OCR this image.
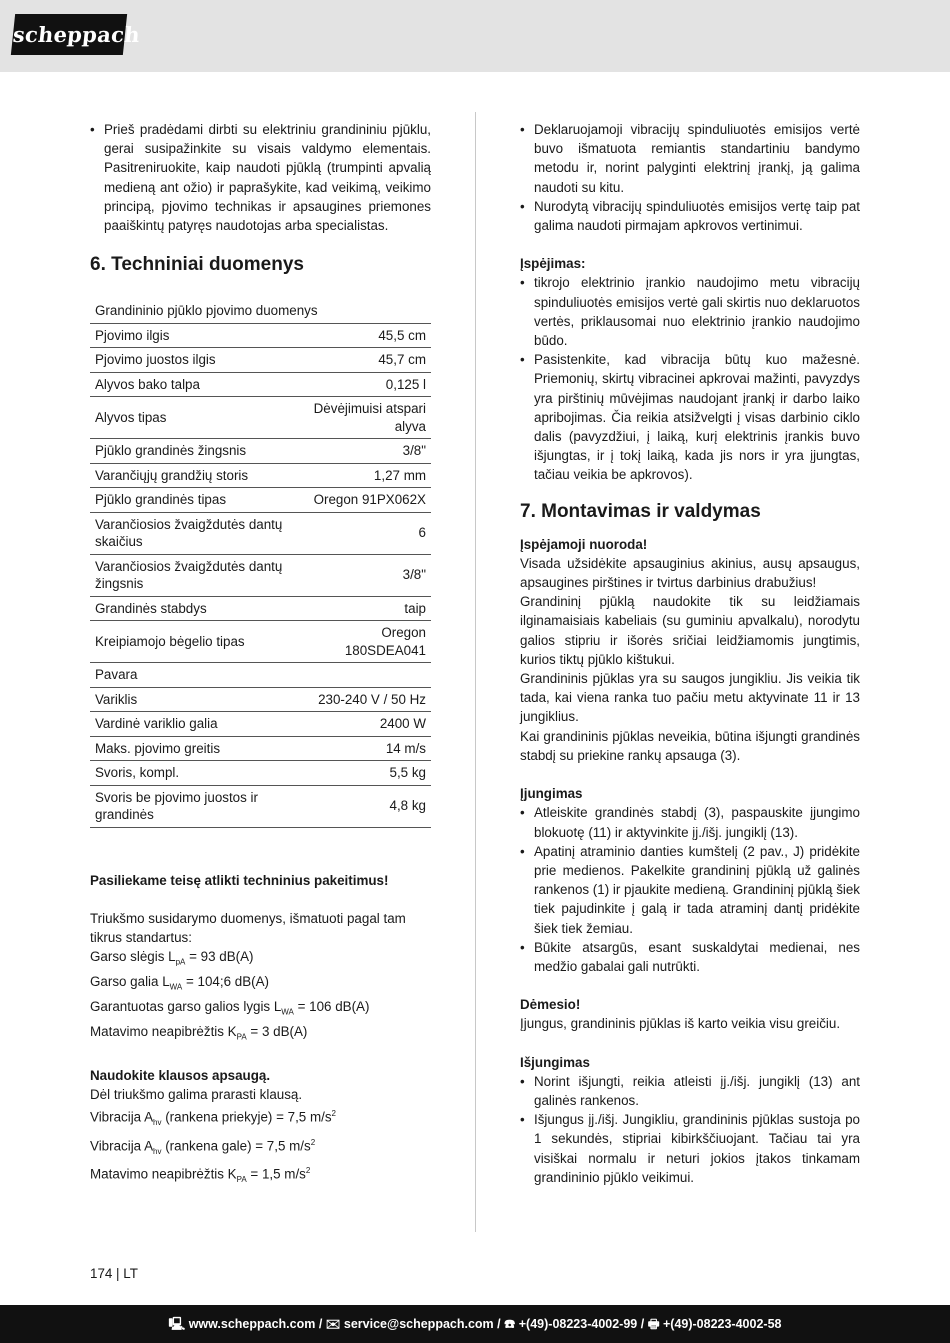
scheppach
• Prieš pradėdami dirbti su elektriniu grandininiu pjūklu, gerai susipažinkite su visais valdymo elementais. Pasitreniruokite, kaip naudoti pjūklą (trumpinti apvalią medieną ant ožio) ir paprašykite, kad veikimą, veikimo principą, pjovimo technikas ir apsaugines priemones paaiškintų patyręs naudotojas arba specialistas.
6. Techniniai duomenys
Grandininio pjūklo pjovimo duomenys	
Pjovimo ilgis	45,5 cm
Pjovimo juostos ilgis	45,7 cm
Alyvos bako talpa	0,125 l
Alyvos tipas	Dėvėjimuisi atspari alyva
Pjūklo grandinės žingsnis	3/8"
Varančiųjų grandžių storis	1,27 mm
Pjūklo grandinės tipas	Oregon 91PX062X
Varančiosios žvaigždutės dantų skaičius	6
Varančiosios žvaigždutės dantų žingsnis	3/8"
Grandinės stabdys	taip
Kreipiamojo bėgelio tipas	Oregon 180SDEA041
Pavara	
Variklis	230-240 V / 50 Hz
Vardinė variklio galia	2400 W
Maks. pjovimo greitis	14 m/s
Svoris, kompl.	5,5 kg
Svoris be pjovimo juostos ir grandinės	4,8 kg

Pasiliekame teisę atlikti techninius pakeitimus!

Triukšmo susidarymo duomenys, išmatuoti pagal tam tikrus standartus:

Garso slėgis $L_{pA} = 93$ dB(A)

Garso galia $L_{WA}$ = 104;6 dB(A)

Garantuotas garso galios lygis $L_{WA} = 106$ dB(A)

Matavimo neapibrėžtis $K_{PA} = 3$ dB(A)

Naudokite klausos apsaugą.

Dėl triukšmo galima prarasti klausą.

Vibracija $A_{hv}$ (rankena priekyje) = 7,5 $m/s^2$

Vibracija $A_{hv}$ (rankena gale) = 7,5 $m/s^2$

Matavimo neapibrėžtis $K_{PA} = 1,5$ $m/s^2$

• Deklaruojamoji vibracijų spinduliuotės emisijos vertė buvo išmatuota remiantis standartiniu bandymo metodu ir, norint palyginti elektrinį įrankį, ją galima naudoti su kitu.
• Nurodytą vibracijų spinduliuotės emisijos vertę taip pat galima naudoti pirmajam apkrovos vertinimui.

Įspėjimas:

• tikrojo elektrinio įrankio naudojimo metu vibracijų spinduliuotės emisijos vertė gali skirtis nuo deklaruotos vertės, priklausomai nuo elektrinio įrankio naudojimo būdo.
• Pasistenkite, kad vibracija būtų kuo mažesnė. Priemonių, skirtų vibracinei apkrovai mažinti, pavyzdys yra pirštinių mūvėjimas naudojant įrankį ir darbo laiko apribojimas. Čia reikia atsižvelgti į visas darbinio ciklo dalis (pavyzdžiui, į laiką, kurį elektrinis įrankis buvo išjungtas, ir į tokį laiką, kada jis nors ir yra įjungtas, tačiau veikia be apkrovos).
7. Montavimas ir valdymas

Įspėjamoji nuoroda!

Visada užsidėkite apsauginius akinius, ausų apsaugus, apsaugines pirštines ir tvirtus darbinius drabužius!

Grandininį pjūklą naudokite tik su leidžiamais ilginamaisiais kabeliais (su guminiu apvalkalu), norodytu galios stipriu ir išorės sričiai leidžiamomis jungtimis, kurios tiktų pjūklo kištukui.

Grandininis pjūklas yra su saugos jungikliu. Jis veikia tik tada, kai viena ranka tuo pačiu metu aktyvinate 11 ir 13 jungiklius.

Kai grandininis pjūklas neveikia, būtina išjungti grandinės stabdį su priekine rankų apsauga (3).

Įjungimas

• Atleiskite grandinės stabdį (3), paspauskite įjungimo blokuotę (11) ir aktyvinkite įj./išj. jungiklį (13).
• Apatinį atraminio danties kumštelį (2 pav., J) pridėkite prie medienos. Pakelkite grandininį pjūklą už galinės rankenos (1) ir pjaukite medieną. Grandininį pjūklą šiek tiek pajudinkite į galą ir tada atraminį dantį pridėkite šiek tiek žemiau.
• Būkite atsargūs, esant suskaldytai medienai, nes medžio gabalai gali nutrūkti.

Dėmesio!

Įjungus, grandininis pjūklas iš karto veikia visu greičiu.

Išjungimas

• Norint išjungti, reikia atleisti įj./išj. jungiklį (13) ant galinės rankenos.
• Išjungus įj./išj. Jungikliu, grandininis pjūklas sustoja po 1 sekundės, stipriai kibirkščiuojant. Tačiau tai yra visiškai normalu ir neturi jokios įtakos tinkamam grandininio pjūklo veikimui.
174 | LT
🖳 www.scheppach.com / ✉ service@scheppach.com / ☎ +(49)-08223-4002-99 / 🖶 +(49)-08223-4002-58
